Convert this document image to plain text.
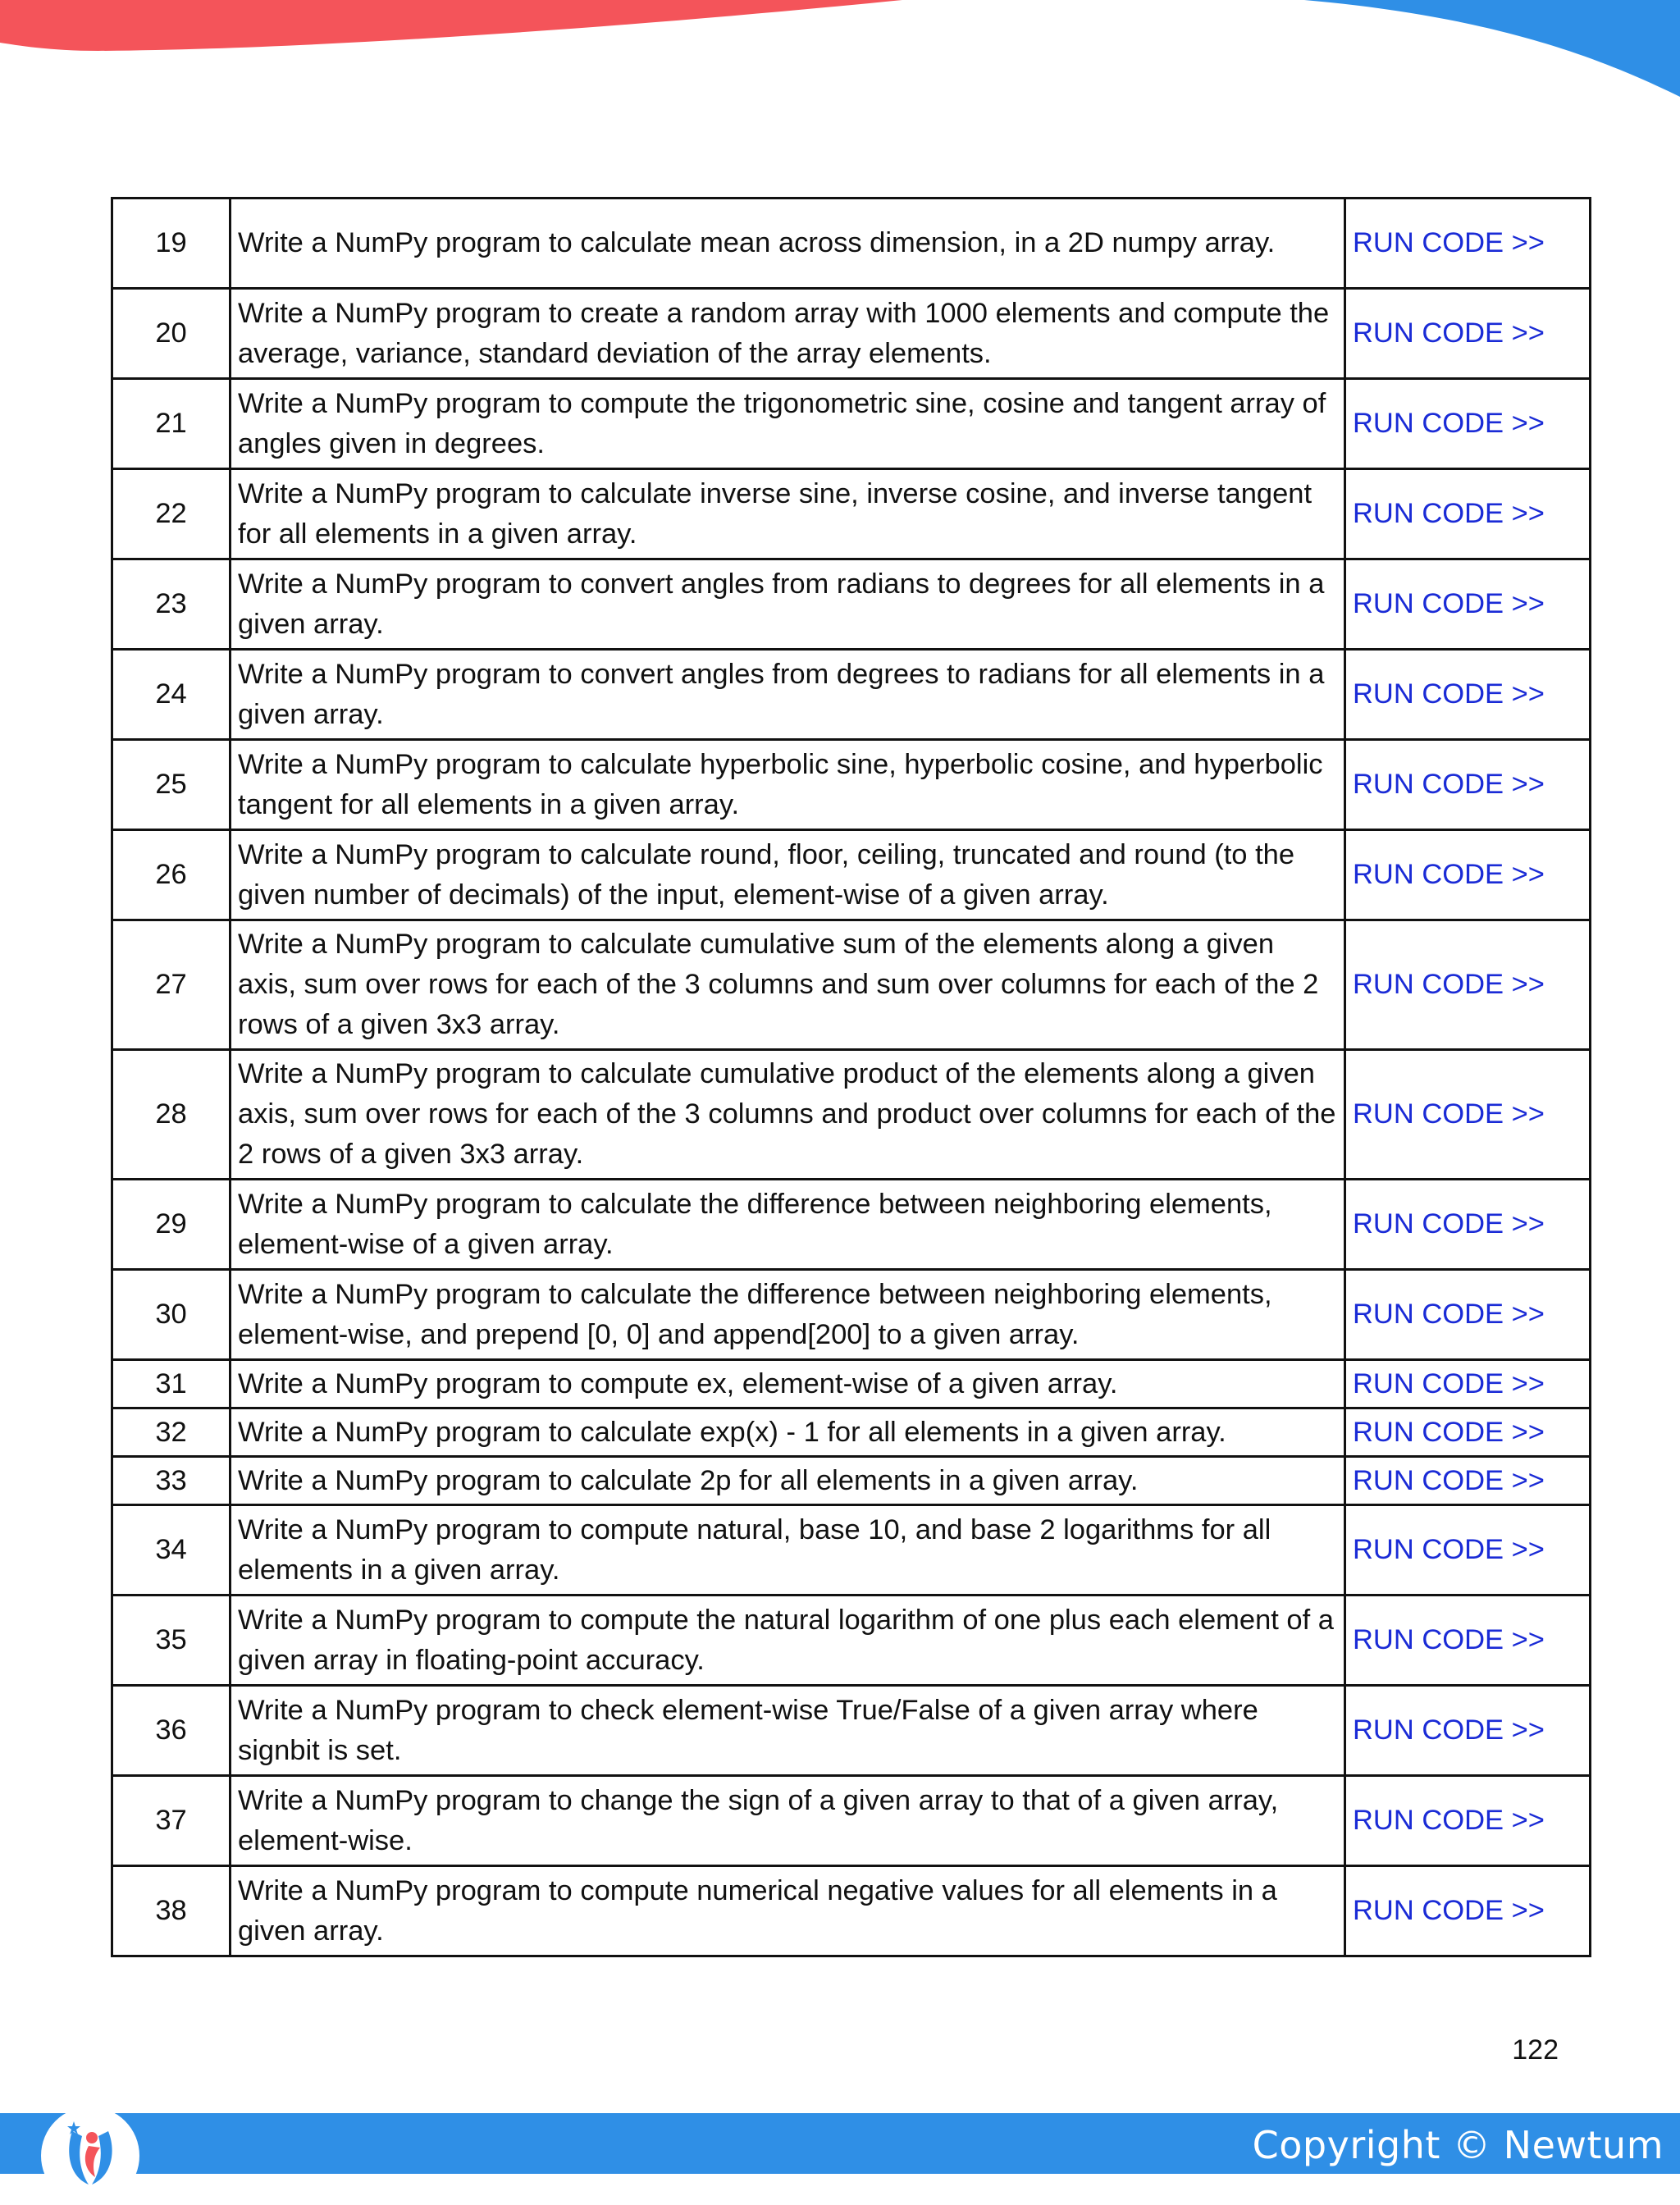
19	Write a NumPy program to calculate mean across dimension, in a 2D numpy array.	RUN CODE >>
20	Write a NumPy program to create a random array with 1000 elements and compute the average, variance, standard deviation of the array elements.	RUN CODE >>
21	Write a NumPy program to compute the trigonometric sine, cosine and tangent array of angles given in degrees.	RUN CODE >>
22	Write a NumPy program to calculate inverse sine, inverse cosine, and inverse tangent for all elements in a given array.	RUN CODE >>
23	Write a NumPy program to convert angles from radians to degrees for all elements in a given array.	RUN CODE >>
24	Write a NumPy program to convert angles from degrees to radians for all elements in a given array.	RUN CODE >>
25	Write a NumPy program to calculate hyperbolic sine, hyperbolic cosine, and hyperbolic tangent for all elements in a given array.	RUN CODE >>
26	Write a NumPy program to calculate round, floor, ceiling, truncated and round (to the given number of decimals) of the input, element-wise of a given array.	RUN CODE >>
27	Write a NumPy program to calculate cumulative sum of the elements along a given axis, sum over rows for each of the 3 columns and sum over columns for each of the 2 rows of a given 3x3 array.	RUN CODE >>
28	Write a NumPy program to calculate cumulative product of the elements along a given axis, sum over rows for each of the 3 columns and product over columns for each of the 2 rows of a given 3x3 array.	RUN CODE >>
29	Write a NumPy program to calculate the difference between neighboring elements, element-wise of a given array.	RUN CODE >>
30	Write a NumPy program to calculate the difference between neighboring elements, element-wise, and prepend [0, 0] and append[200] to a given array.	RUN CODE >>
31	Write a NumPy program to compute ex, element-wise of a given array.	RUN CODE >>
32	Write a NumPy program to calculate exp(x) - 1 for all elements in a given array.	RUN CODE >>
33	Write a NumPy program to calculate 2p for all elements in a given array.	RUN CODE >>
34	Write a NumPy program to compute natural, base 10, and base 2 logarithms for all elements in a given array.	RUN CODE >>
35	Write a NumPy program to compute the natural logarithm of one plus each element of a given array in floating-point accuracy.	RUN CODE >>
36	Write a NumPy program to check element-wise True/False of a given array where signbit is set.	RUN CODE >>
37	Write a NumPy program to change the sign of a given array to that of a given array, element-wise.	RUN CODE >>
38	Write a NumPy program to compute numerical negative values for all elements in a given array.	RUN CODE >>
122
Copyright © Newtum
